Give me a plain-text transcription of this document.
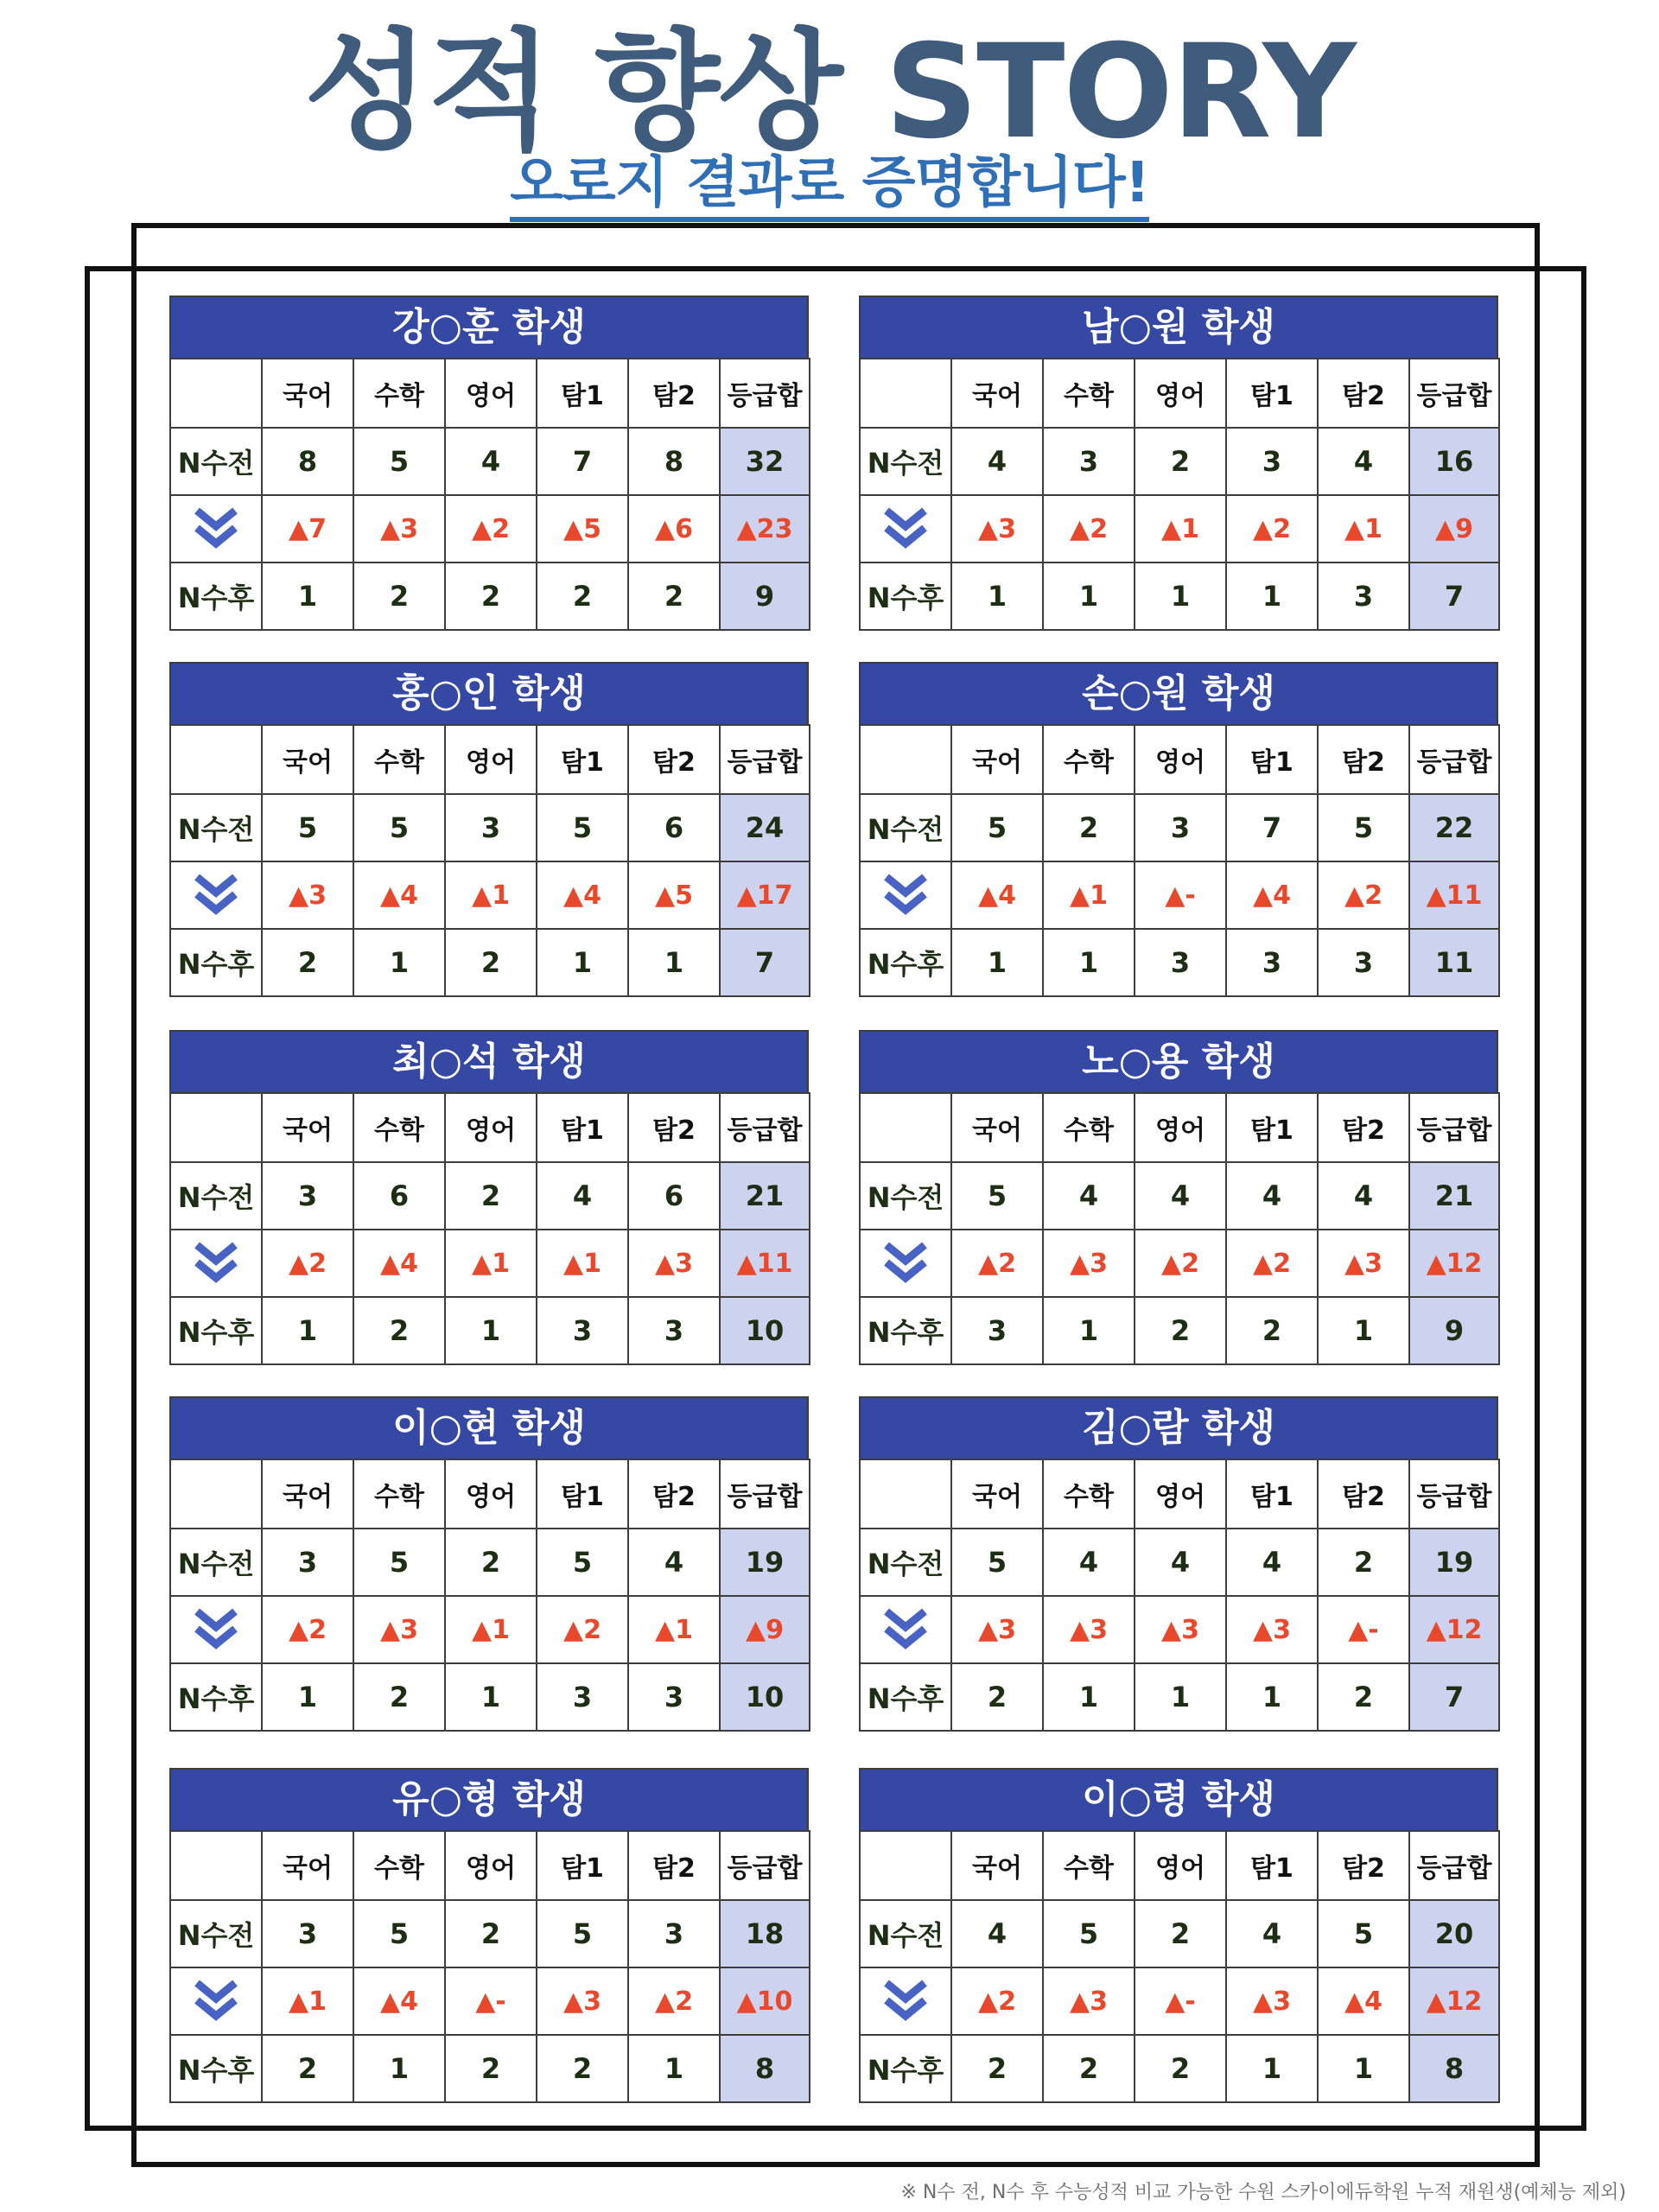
성적 향상 STORY
오로지 결과로 증명합니다!
강○훈 학생
	국어	수학	영어	탐1	탐2	등급합
N수전	8	5	4	7	8	32
	▲7	▲3	▲2	▲5	▲6	▲23
N수후	1	2	2	2	2	9
남○원 학생
	국어	수학	영어	탐1	탐2	등급합
N수전	4	3	2	3	4	16
	▲3	▲2	▲1	▲2	▲1	▲9
N수후	1	1	1	1	3	7
홍○인 학생
	국어	수학	영어	탐1	탐2	등급합
N수전	5	5	3	5	6	24
	▲3	▲4	▲1	▲4	▲5	▲17
N수후	2	1	2	1	1	7
손○원 학생
	국어	수학	영어	탐1	탐2	등급합
N수전	5	2	3	7	5	22
	▲4	▲1	▲-	▲4	▲2	▲11
N수후	1	1	3	3	3	11
최○석 학생
	국어	수학	영어	탐1	탐2	등급합
N수전	3	6	2	4	6	21
	▲2	▲4	▲1	▲1	▲3	▲11
N수후	1	2	1	3	3	10
노○용 학생
	국어	수학	영어	탐1	탐2	등급합
N수전	5	4	4	4	4	21
	▲2	▲3	▲2	▲2	▲3	▲12
N수후	3	1	2	2	1	9
이○현 학생
	국어	수학	영어	탐1	탐2	등급합
N수전	3	5	2	5	4	19
	▲2	▲3	▲1	▲2	▲1	▲9
N수후	1	2	1	3	3	10
김○람 학생
	국어	수학	영어	탐1	탐2	등급합
N수전	5	4	4	4	2	19
	▲3	▲3	▲3	▲3	▲-	▲12
N수후	2	1	1	1	2	7
유○형 학생
	국어	수학	영어	탐1	탐2	등급합
N수전	3	5	2	5	3	18
	▲1	▲4	▲-	▲3	▲2	▲10
N수후	2	1	2	2	1	8
이○령 학생
	국어	수학	영어	탐1	탐2	등급합
N수전	4	5	2	4	5	20
	▲2	▲3	▲-	▲3	▲4	▲12
N수후	2	2	2	1	1	8

※ N수 전, N수 후 수능성적 비교 가능한 수원 스카이에듀학원 누적 재원생(예체능 제외)
